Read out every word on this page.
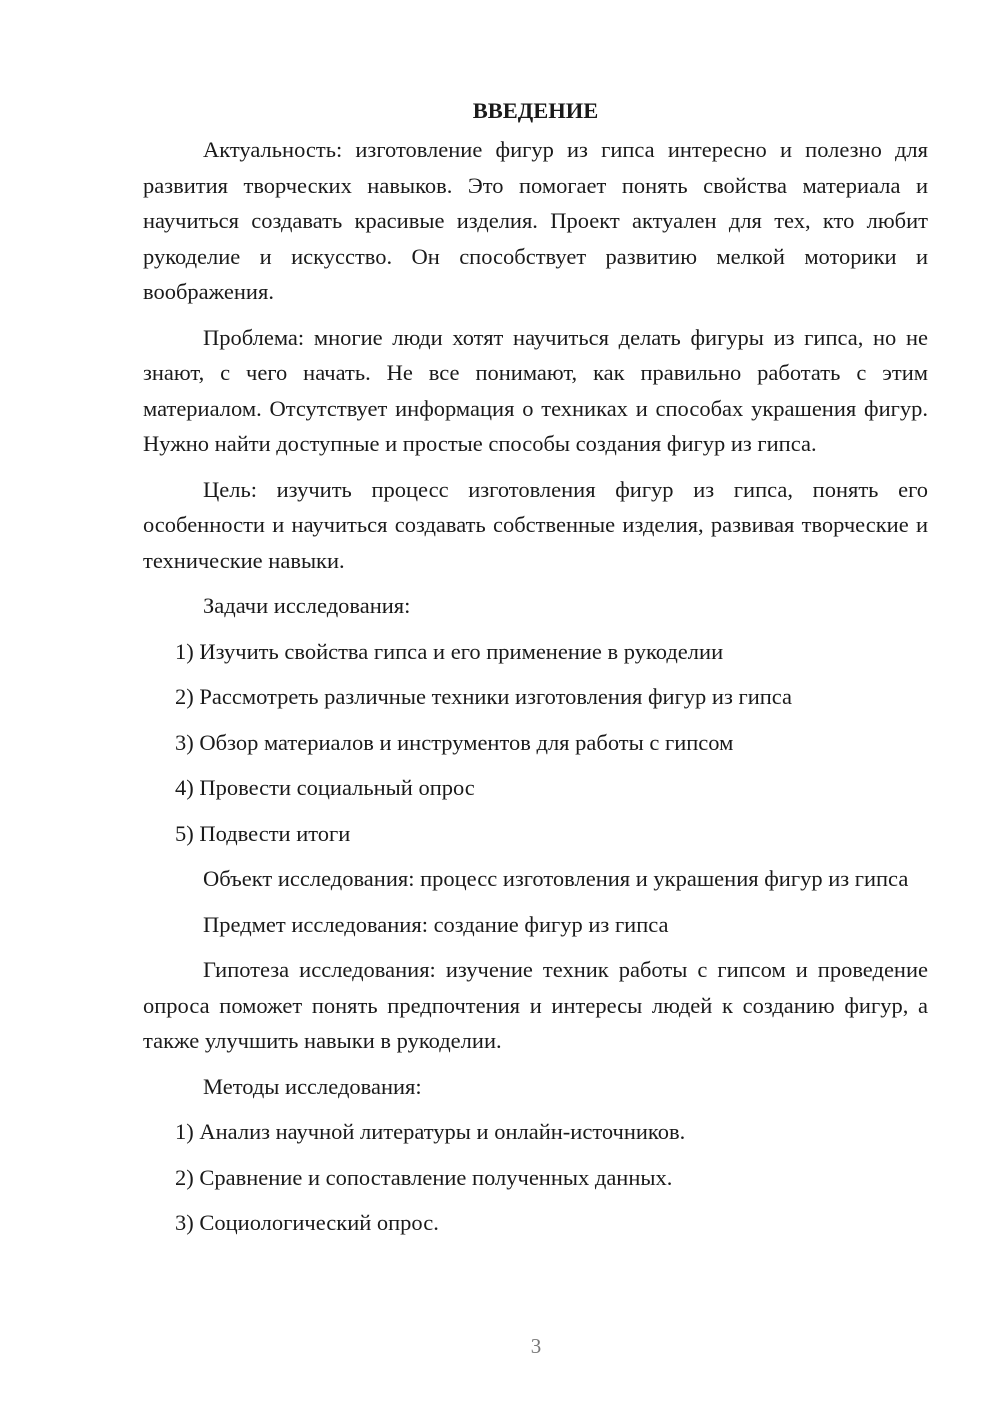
ВВЕДЕНИЕ

Актуальность: изготовление фигур из гипса интересно и полезно для развития творческих навыков. Это помогает понять свойства материала и научиться создавать красивые изделия. Проект актуален для тех, кто любит рукоделие и искусство. Он способствует развитию мелкой моторики и воображения.

Проблема: многие люди хотят научиться делать фигуры из гипса, но не знают, с чего начать. Не все понимают, как правильно работать с этим материалом. Отсутствует информация о техниках и способах украшения фигур. Нужно найти доступные и простые способы создания фигур из гипса.

Цель: изучить процесс изготовления фигур из гипса, понять его особенности и научиться создавать собственные изделия, развивая творческие и технические навыки.

Задачи исследования:

1) Изучить свойства гипса и его применение в рукоделии
2) Рассмотреть различные техники изготовления фигур из гипса
3) Обзор материалов и инструментов для работы с гипсом
4) Провести социальный опрос
5) Подвести итоги

Объект исследования: процесс изготовления и украшения фигур из гипса

Предмет исследования: создание фигур из гипса

Гипотеза исследования: изучение техник работы с гипсом и проведение опроса поможет понять предпочтения и интересы людей к созданию фигур, а также улучшить навыки в рукоделии.

Методы исследования:

1) Анализ научной литературы и онлайн-источников.
2) Сравнение и сопоставление полученных данных.
3) Социологический опрос.
3
